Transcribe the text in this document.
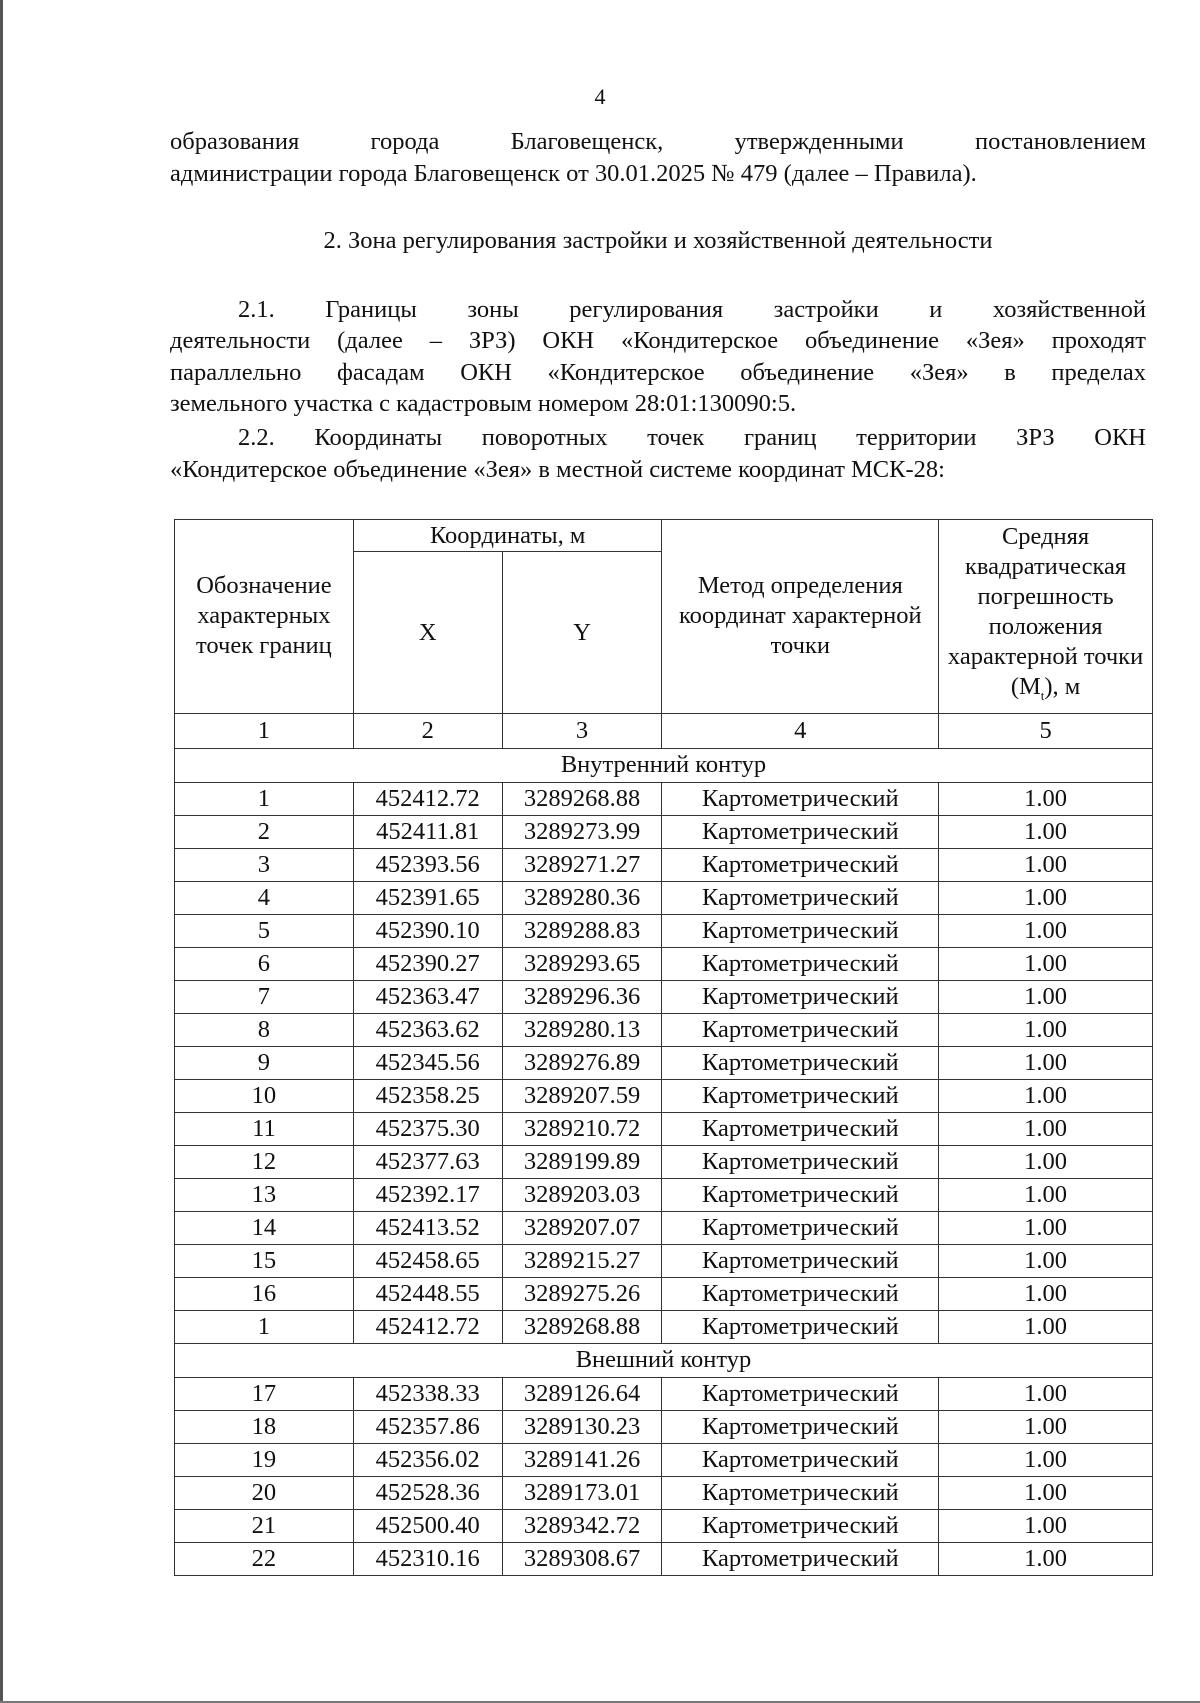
4
образования города Благовещенск, утвержденными постановлением
администрации города Благовещенск от 30.01.2025 № 479 (далее – Правила).
2. Зона регулирования застройки и хозяйственной деятельности
2.1. Границы зоны регулирования застройки и хозяйственной
деятельности (далее – ЗРЗ) ОКН «Кондитерское объединение «Зея» проходят
параллельно фасадам ОКН «Кондитерское объединение «Зея» в пределах
земельного участка с кадастровым номером 28:01:130090:5.
2.2. Координаты поворотных точек границ территории ЗРЗ ОКН
«Кондитерское объединение «Зея» в местной системе координат МСК-28:
Обозначение характерных точек границ	Координаты, м		Метод определения координат характерной точки	Средняя квадратическая погрешность положения характерной точки $(M_t)$, м
	X	Y		
1	2	3	4	5
Внутренний контур				
1	452412.72	3289268.88	Картометрический	1.00
2	452411.81	3289273.99	Картометрический	1.00
3	452393.56	3289271.27	Картометрический	1.00
4	452391.65	3289280.36	Картометрический	1.00
5	452390.10	3289288.83	Картометрический	1.00
6	452390.27	3289293.65	Картометрический	1.00
7	452363.47	3289296.36	Картометрический	1.00
8	452363.62	3289280.13	Картометрический	1.00
9	452345.56	3289276.89	Картометрический	1.00
10	452358.25	3289207.59	Картометрический	1.00
11	452375.30	3289210.72	Картометрический	1.00
12	452377.63	3289199.89	Картометрический	1.00
13	452392.17	3289203.03	Картометрический	1.00
14	452413.52	3289207.07	Картометрический	1.00
15	452458.65	3289215.27	Картометрический	1.00
16	452448.55	3289275.26	Картометрический	1.00
1	452412.72	3289268.88	Картометрический	1.00
Внешний контур				
17	452338.33	3289126.64	Картометрический	1.00
18	452357.86	3289130.23	Картометрический	1.00
19	452356.02	3289141.26	Картометрический	1.00
20	452528.36	3289173.01	Картометрический	1.00
21	452500.40	3289342.72	Картометрический	1.00
22	452310.16	3289308.67	Картометрический	1.00
